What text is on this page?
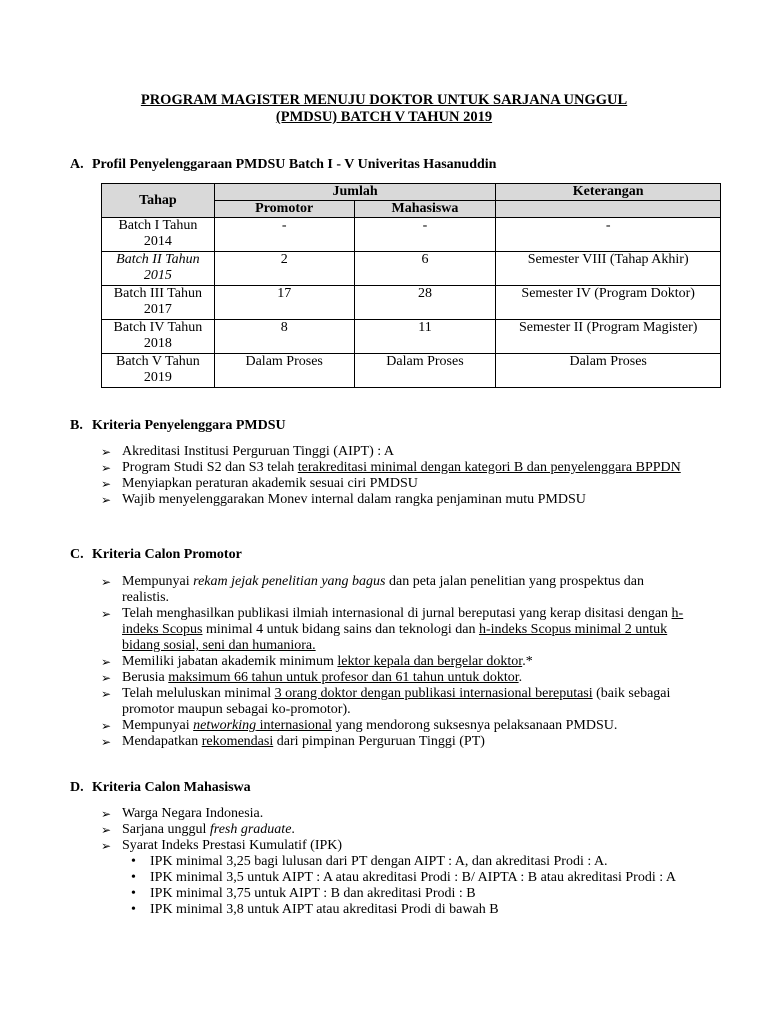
PROGRAM MAGISTER MENUJU DOKTOR UNTUK SARJANA UNGGUL
(PMDSU) BATCH V TAHUN 2019
A. Profil Penyelenggaraan PMDSU Batch I - V Univeritas Hasanuddin
Tahap	Jumlah		Keterangan
	Promotor	Mahasiswa	
Batch I Tahun 2014	-	-	-
Batch II Tahun 2015	2	6	Semester VIII (Tahap Akhir)
Batch III Tahun 2017	17	28	Semester IV (Program Doktor)
Batch IV Tahun 2018	8	11	Semester II (Program Magister)
Batch V Tahun 2019	Dalam Proses	Dalam Proses	Dalam Proses
B. Kriteria Penyelenggara PMDSU
➢ Akreditasi Institusi Perguruan Tinggi (AIPT) : A
➢ Program Studi S2 dan S3 telah terakreditasi minimal dengan kategori B dan penyelenggara BPPDN
➢ Menyiapkan peraturan akademik sesuai ciri PMDSU
➢ Wajib menyelenggarakan Monev internal dalam rangka penjaminan mutu PMDSU
C. Kriteria Calon Promotor
➢ Mempunyai rekam jejak penelitian yang bagus dan peta jalan penelitian yang prospektus dan realistis.
➢ Telah menghasilkan publikasi ilmiah internasional di jurnal bereputasi yang kerap disitasi dengan h-indeks Scopus minimal 4 untuk bidang sains dan teknologi dan h-indeks Scopus minimal 2 untuk bidang sosial, seni dan humaniora.
➢ Memiliki jabatan akademik minimum lektor kepala dan bergelar doktor.*
➢ Berusia maksimum 66 tahun untuk profesor dan 61 tahun untuk doktor.
➢ Telah meluluskan minimal 3 orang doktor dengan publikasi internasional bereputasi (baik sebagai promotor maupun sebagai ko-promotor).
➢ Mempunyai networking internasional yang mendorong suksesnya pelaksanaan PMDSU.
➢ Mendapatkan rekomendasi dari pimpinan Perguruan Tinggi (PT)
D. Kriteria Calon Mahasiswa
➢ Warga Negara Indonesia.
➢ Sarjana unggul fresh graduate.
➢ Syarat Indeks Prestasi Kumulatif (IPK)
• IPK minimal 3,25 bagi lulusan dari PT dengan AIPT : A, dan akreditasi Prodi : A.
• IPK minimal 3,5 untuk AIPT : A atau akreditasi Prodi : B/ AIPTA : B atau akreditasi Prodi : A
• IPK minimal 3,75 untuk AIPT : B dan akreditasi Prodi : B
• IPK minimal 3,8 untuk AIPT atau akreditasi Prodi di bawah B
